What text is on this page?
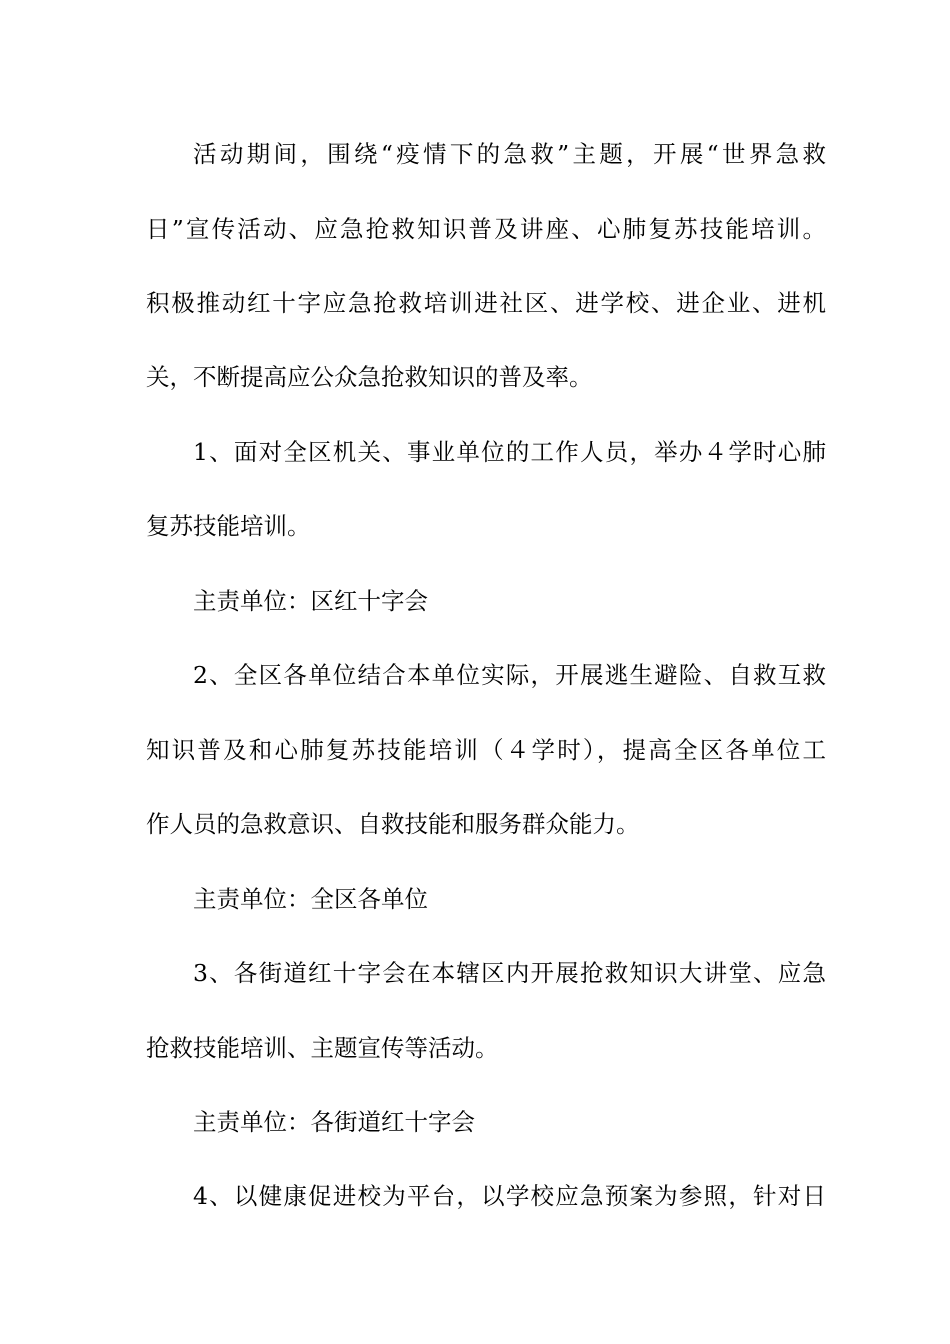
活动期间，围绕“疫情下的急救”主题，开展“世界急救
日”宣传活动、应急抢救知识普及讲座、心肺复苏技能培训。
积极推动红十字应急抢救培训进社区、进学校、进企业、进机
关，不断提高应公众急抢救知识的普及率。
1、面对全区机关、事业单位的工作人员，举办４学时心肺
复苏技能培训。
主责单位：区红十字会
2、全区各单位结合本单位实际，开展逃生避险、自救互救
知识普及和心肺复苏技能培训（４学时），提高全区各单位工
作人员的急救意识、自救技能和服务群众能力。
主责单位：全区各单位
3、各街道红十字会在本辖区内开展抢救知识大讲堂、应急
抢救技能培训、主题宣传等活动。
主责单位：各街道红十字会
4、以健康促进校为平台，以学校应急预案为参照，针对日
